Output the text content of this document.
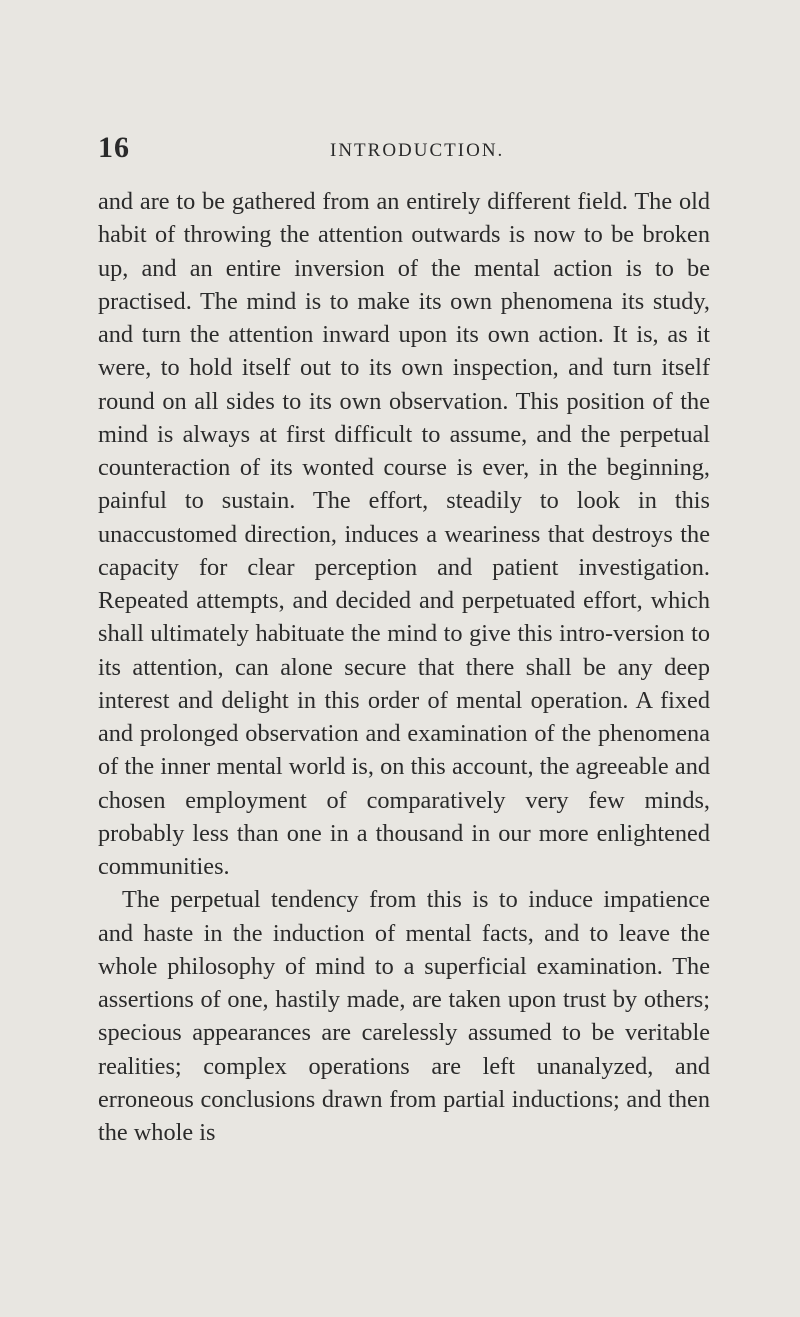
16	INTRODUCTION.

and are to be gathered from an entirely different field. The old habit of throwing the attention outwards is now to be broken up, and an entire inversion of the mental action is to be practised. The mind is to make its own phenomena its study, and turn the attention inward upon its own action. It is, as it were, to hold itself out to its own inspection, and turn itself round on all sides to its own observation. This position of the mind is always at first difficult to assume, and the perpetual counteraction of its wonted course is ever, in the beginning, painful to sustain. The effort, steadily to look in this unaccustomed direction, induces a weariness that destroys the capacity for clear perception and patient investigation. Repeated attempts, and decided and perpetuated effort, which shall ultimately habituate the mind to give this intro-version to its attention, can alone secure that there shall be any deep interest and delight in this order of mental operation. A fixed and prolonged observation and examination of the phenomena of the inner mental world is, on this account, the agreeable and chosen employment of comparatively very few minds, probably less than one in a thousand in our more enlightened communities.

The perpetual tendency from this is to induce impatience and haste in the induction of mental facts, and to leave the whole philosophy of mind to a superficial examination. The assertions of one, hastily made, are taken upon trust by others; specious appearances are carelessly assumed to be veritable realities; complex operations are left unanalyzed, and erroneous conclusions drawn from partial inductions; and then the whole is
